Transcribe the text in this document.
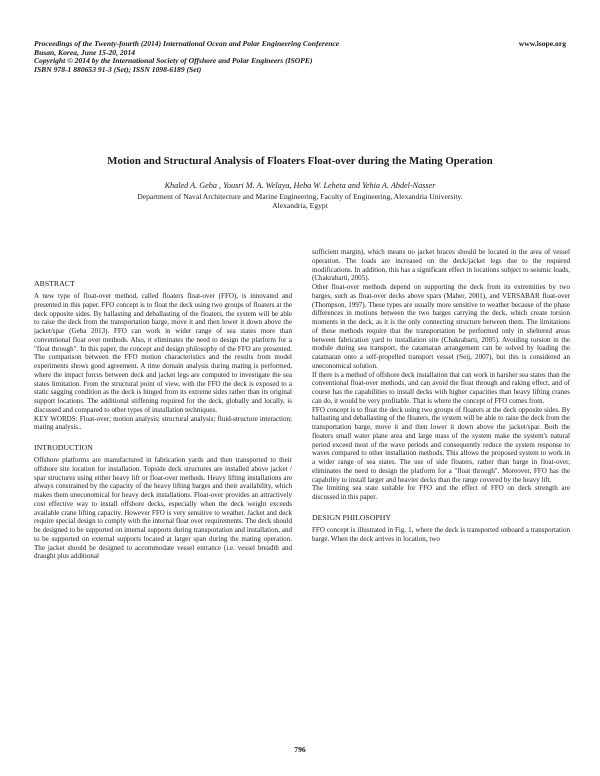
Proceedings of the Twenty-fourth (2014) International Ocean and Polar Engineering Conference
Busan, Korea, June 15-20, 2014
Copyright © 2014 by the International Society of Offshore and Polar Engineers (ISOPE)
ISBN 978-1 880653 91-3 (Set); ISSN 1098-6189 (Set)
www.isope.org
Motion and Structural Analysis of Floaters Float-over during the Mating Operation
Khaled A. Geba , Yousri M. A. Welaya, Heba W. Leheta and Yehia A. Abdel-Nasser
Department of Naval Architecture and Marine Engineering, Faculty of Engineering, Alexandria University.
Alexandria, Egypt
ABSTRACT

A new type of float-over method, called floaters float-over (FFO), is innovated and presented in this paper. FFO concept is to float the deck using two groups of floaters at the deck opposite sides. By ballasting and deballasting of the floaters, the system will be able to raise the deck from the transportation barge, move it and then lower it down above the jacket/spar (Geba 2013). FFO can work in wider range of sea states more than conventional float over methods. Also, it eliminates the need to design the platform for a "float through". In this paper, the concept and design philosophy of the FFO are presented. The comparison between the FFO motion characteristics and the results from model experiments shows good agreement. A time domain analysis during mating is performed, where the impact forces between deck and jacket legs are computed to investigate the sea states limitation. From the structural point of view, with the FFO the deck is exposed to a static sagging condition as the deck is hinged from its extreme sides rather than its original support locations. The additional stiffening required for the deck, globally and locally, is discussed and compared to other types of installation techniques.

KEY WORDS: Float-over; motion analysis; structural analysis; fluid-structure interaction; mating analysis..

INTRODUCTION

Offshore platforms are manufactured in fabrication yards and then transported to their offshore site location for installation. Topside deck structures are installed above jacket / spar structures using either heavy lift or float-over methods. Heavy lifting installations are always constrained by the capacity of the heavy lifting barges and their availability, which makes them uneconomical for heavy deck installations. Float-over provides an attractively cost effective way to install offshore decks, especially when the deck weight exceeds available crane lifting capacity. However FFO is very sensitive to weather. Jacket and deck require special design to comply with the internal float over requirements. The deck should be designed to be supported on internal supports during transportation and installation, and to be supported on external supports located at larger span during the mating operation. The jacket should be designed to accommodate vessel entrance (i.e. vessel breadth and draught plus additional

sufficient margin), which means no jacket braces should be located in the area of vessel operation. The loads are increased on the deck/jacket legs due to the required modifications. In addition, this has a significant effect in locations subject to seismic loads, (Chakrabarti, 2005).

Other float-over methods depend on supporting the deck from its extremities by two barges, such as float-over decks above spars (Maher, 2001), and VERSABAR float-over (Thompson, 1997). These types are usually more sensitive to weather because of the phase differences in motions between the two barges carrying the deck, which create torsion moments in the deck, as it is the only connecting structure between them. The limitations of these methods require that the transportation be performed only in sheltered areas between fabrication yard to installation site (Chakrabarti, 2005). Avoiding torsion in the module during sea transport, the catamaran arrangement can be solved by loading the catamaran onto a self-propelled transport vessel (Seij, 2007), but this is considered an uneconomical solution.

If there is a method of offshore deck installation that can work in harsher sea states than the conventional float-over methods, and can avoid the float through and raking effect, and of course has the capabilities to install decks with higher capacities than heavy lifting cranes can do, it would be very profitable. That is where the concept of FFO comes from.

FFO concept is to float the deck using two groups of floaters at the deck opposite sides. By ballasting and deballasting of the floaters, the system will be able to raise the deck from the transportation barge, move it and then lower it down above the jacket/spar. Both the floaters small water plane area and large mass of the system make the system's natural period exceed most of the wave periods and consequently reduce the system response to waves compared to other installation methods. This allows the proposed system to work in a wider range of sea states. The use of side floaters, rather than barge in float-over, eliminates the need to design the platform for a "float through". Moreover, FFO has the capability to install larger and heavier decks than the range covered by the heavy lift.

The limiting sea state suitable for FFO and the effect of FFO on deck strength are discussed in this paper.

DESIGN PHILOSOPHY

FFO concept is illustrated in Fig. 1, where the deck is transported onboard a transportation barge. When the deck arrives in location, two

796
